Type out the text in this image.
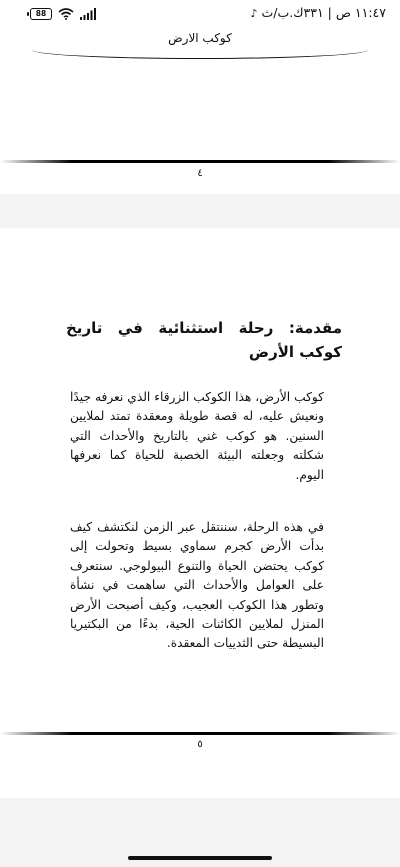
88	١١:٤٧ ص | ٣٣١ك.ب/ث ♪
كوكب الارض
٤
مقدمة: رحلة استثنائية في تاريخ كوكب الأرض
كوكب الأرض، هذا الكوكب الزرقاء الذي نعرفه جيدًا ونعيش عليه، له قصة طويلة ومعقدة تمتد لملايين السنين. هو كوكب غني بالتاريخ والأحداث التي شكلته وجعلته البيئة الخصبة للحياة كما نعرفها اليوم.
في هذه الرحلة، سننتقل عبر الزمن لنكتشف كيف بدأت الأرض كجرم سماوي بسيط وتحولت إلى كوكب يحتضن الحياة والتنوع البيولوجي. سنتعرف على العوامل والأحداث التي ساهمت في نشأة وتطور هذا الكوكب العجيب، وكيف أصبحت الأرض المنزل لملايين الكائنات الحية، بدءًا من البكتيريا البسيطة حتى الثدييات المعقدة.
٥
